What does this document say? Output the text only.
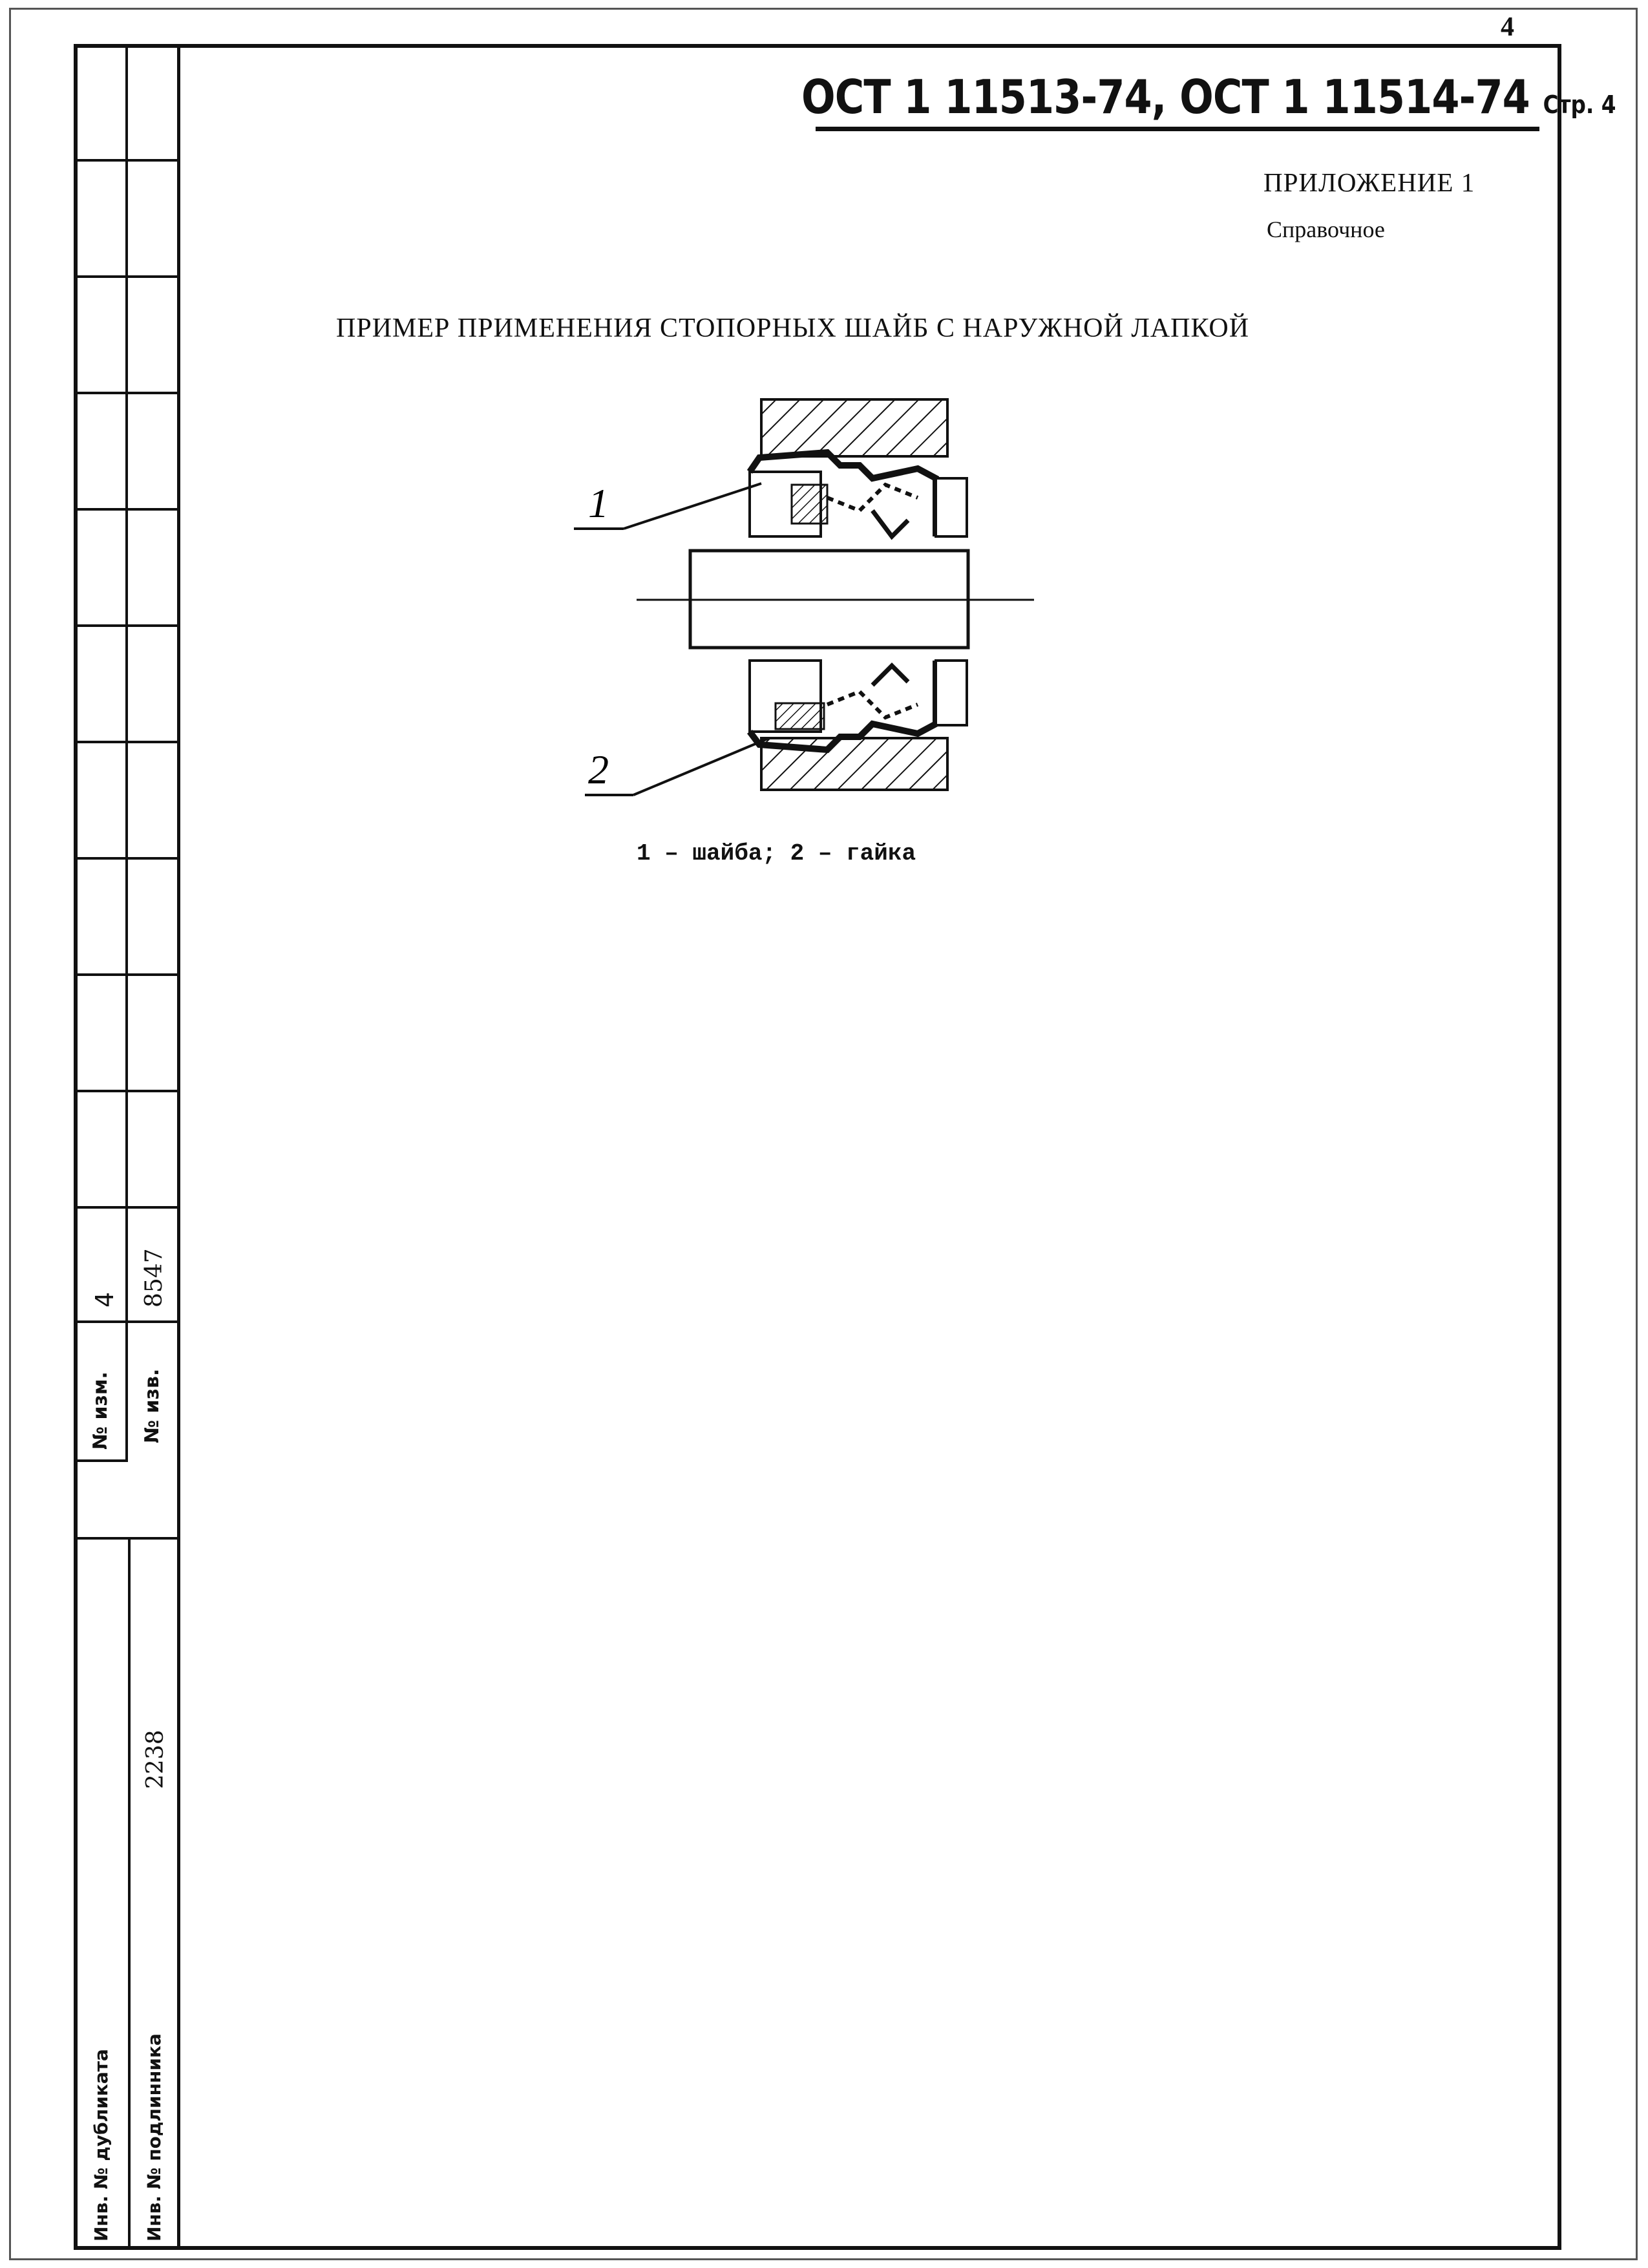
4
ОСТ 1 11513-74, ОСТ 1 11514-74 Стр. 4
ПРИЛОЖЕНИЕ 1
Справочное
ПРИМЕР ПРИМЕНЕНИЯ СТОПОРНЫХ ШАЙБ С НАРУЖНОЙ ЛАПКОЙ
1
2
1 – шайба; 2 – гайка
4 8547
№ изм. № изв.
2238
Инв. № дубликата Инв. № подлинника
